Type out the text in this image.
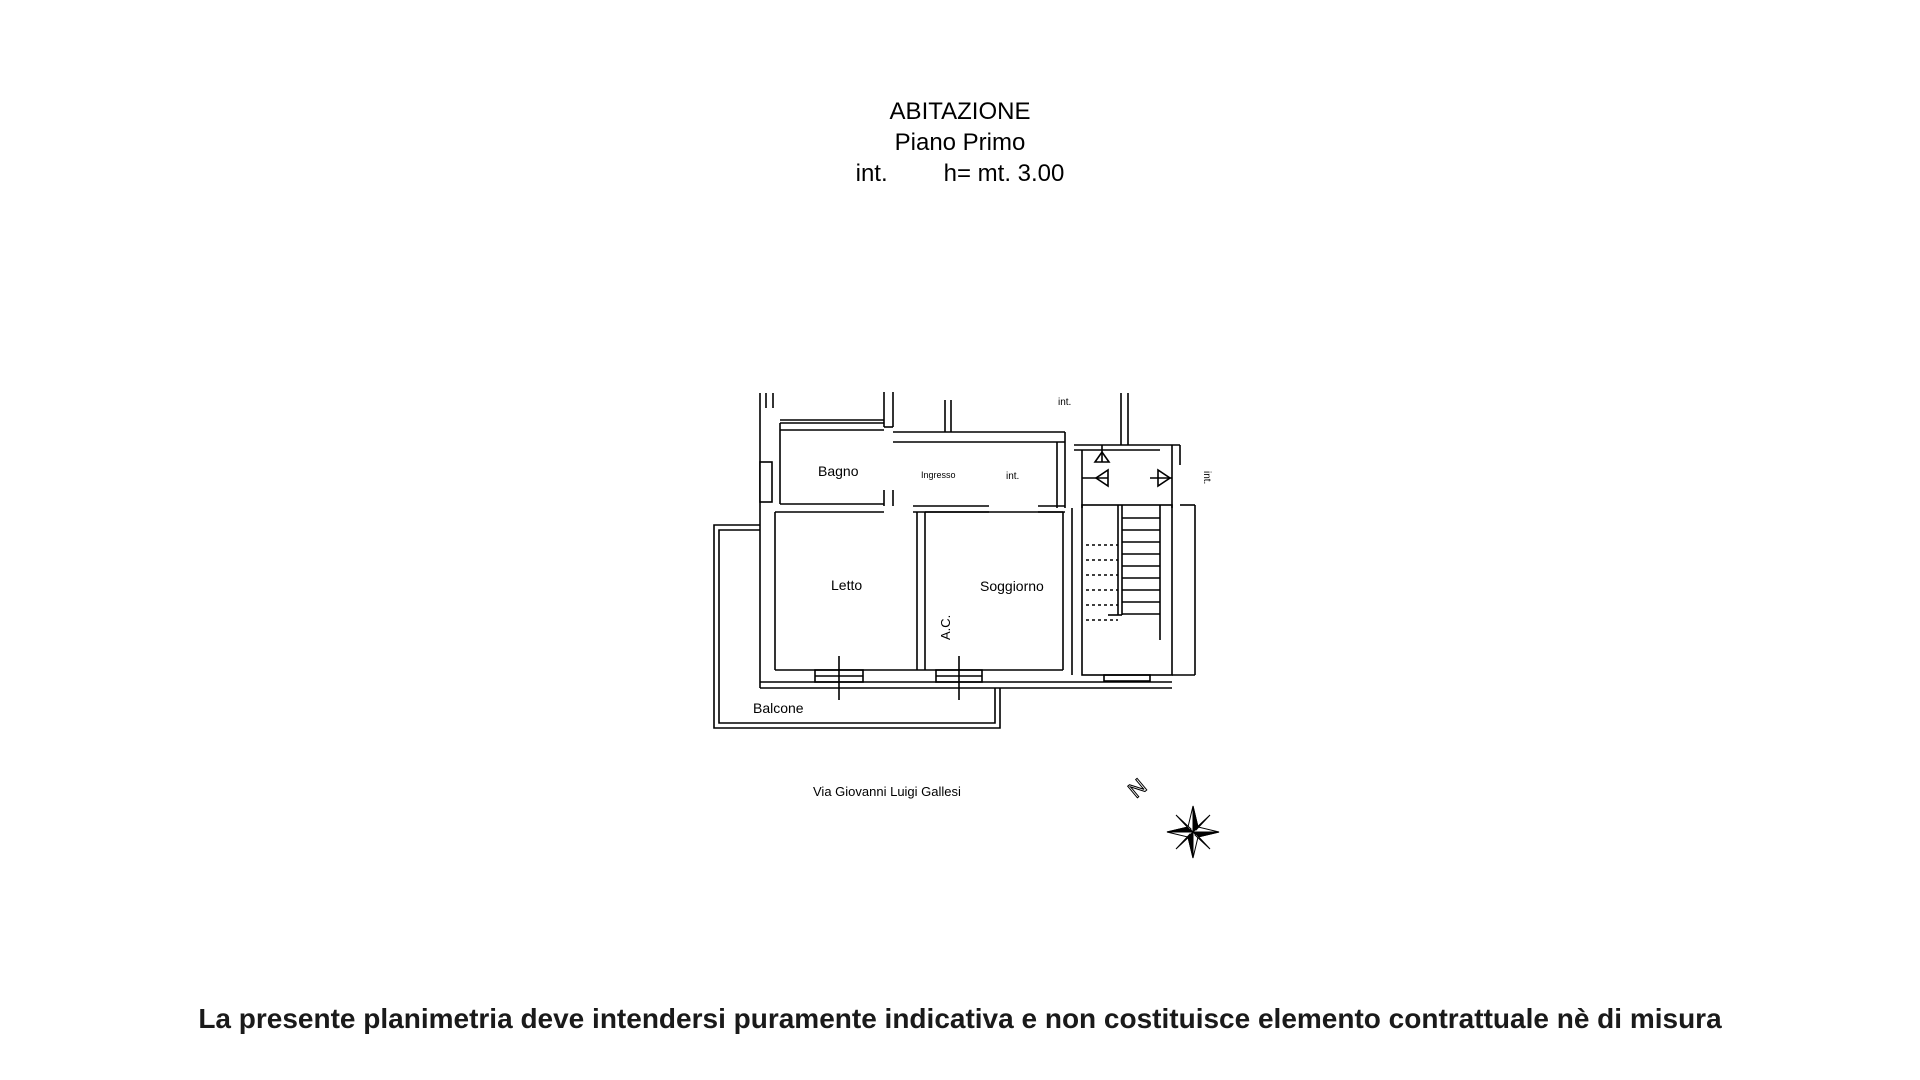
ABITAZIONE
Piano Primo
int. h= mt. 3.00
Bagno	Ingresso	int.
Letto	Soggiorno
Balcone
A.C.
int.
int.
Via Giovanni Luigi Gallesi	N
La presente planimetria deve intendersi puramente indicativa e non costituisce elemento contrattuale nè di misura
